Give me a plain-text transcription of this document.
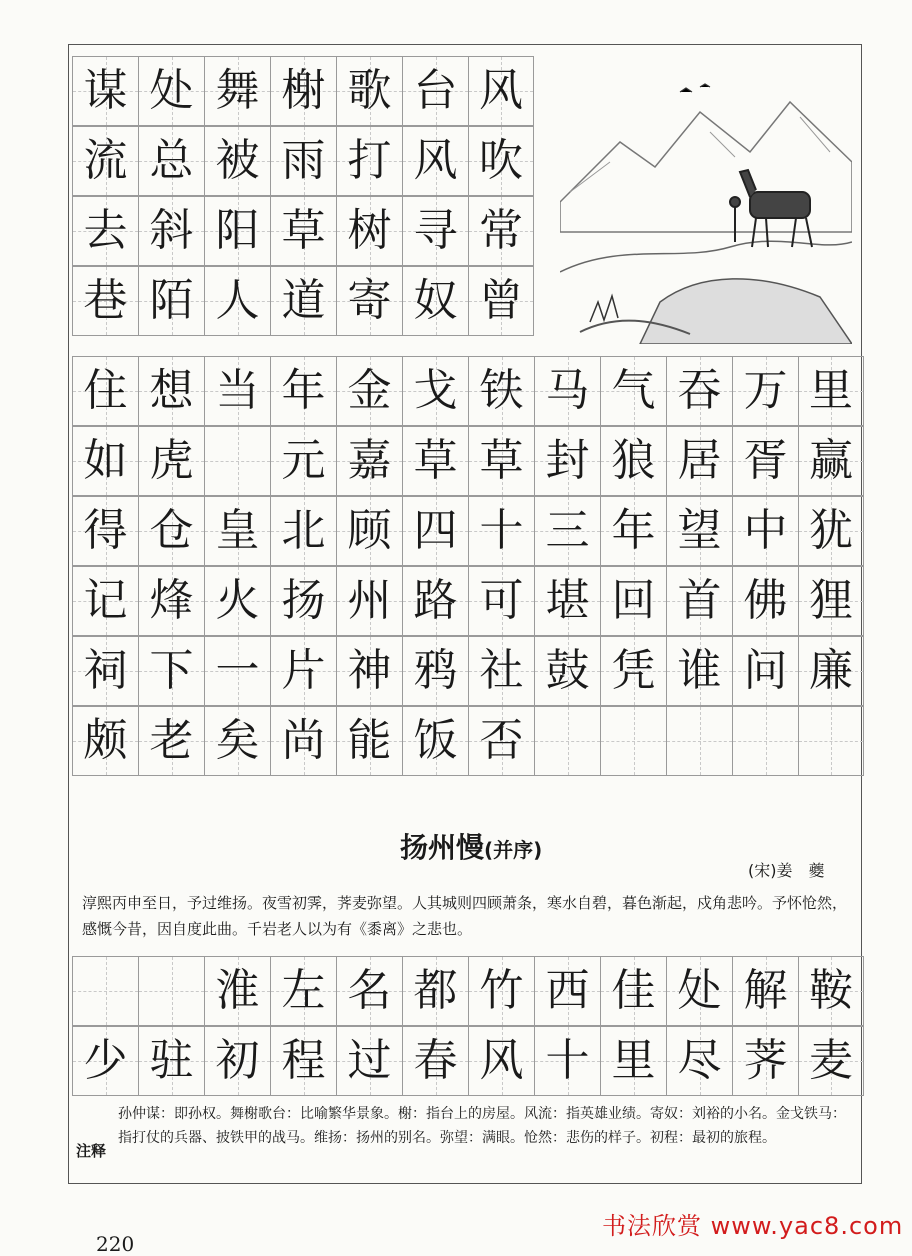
谋 处 舞 榭 歌 台 风
流 总 被 雨 打 风 吹
去 斜 阳 草 树 寻 常
巷 陌 人 道 寄 奴 曾
住 想 当 年 金 戈 铁 马 气 吞 万 里
如 虎 元 嘉 草 草 封 狼 居 胥 赢
得 仓 皇 北 顾 四 十 三 年 望 中 犹
记 烽 火 扬 州 路 可 堪 回 首 佛 狸
祠 下 一 片 神 鸦 社 鼓 凭 谁 问 廉
颇 老 矣 尚 能 饭 否
扬州慢(并序)
(宋)姜　夔
淳熙丙申至日，予过维扬。夜雪初霁，荠麦弥望。人其城则四顾萧条，寒水自碧，暮色渐起，戍角悲吟。予怀怆然，感慨今昔，因自度此曲。千岩老人以为有《黍离》之悲也。
淮 左 名 都 竹 西 佳 处 解 鞍
少 驻 初 程 过 春 风 十 里 尽 荠 麦
注释
孙仲谋：即孙权。舞榭歌台：比喻繁华景象。榭：指台上的房屋。风流：指英雄业绩。寄奴：刘裕的小名。金戈铁马：指打仗的兵器、披铁甲的战马。维扬：扬州的别名。弥望：满眼。怆然：悲伤的样子。初程：最初的旅程。
220
书法欣赏 www.yac8.com
